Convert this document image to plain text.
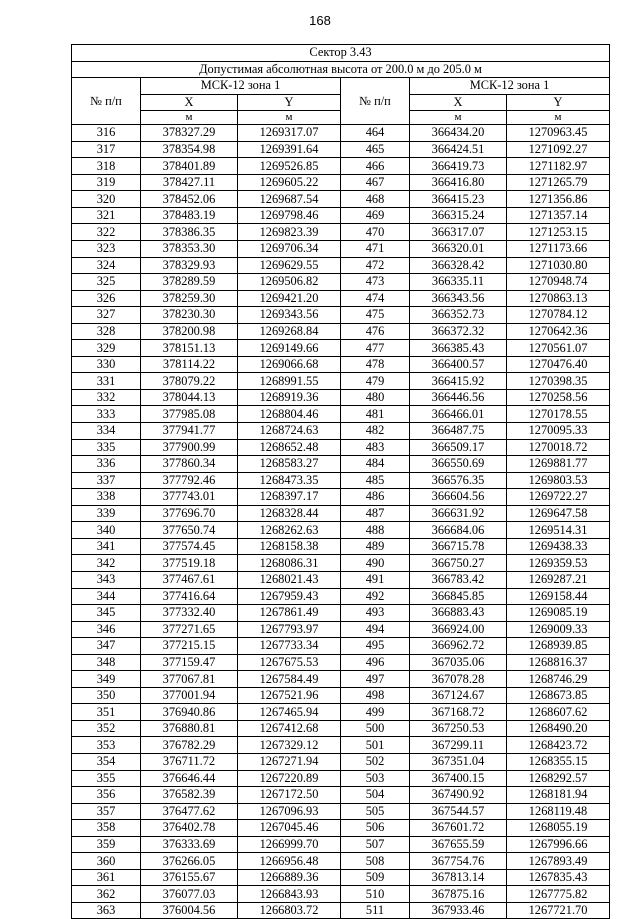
168
Сектор 3.43					
Допустимая абсолютная высота от 200.0 м до 205.0 м					
№ п/п	МСК-12 зона 1		№ п/п	МСК-12 зона 1	
	X	Y		X	Y
	м	м		м	м
316	378327.29	1269317.07	464	366434.20	1270963.45
317	378354.98	1269391.64	465	366424.51	1271092.27
318	378401.89	1269526.85	466	366419.73	1271182.97
319	378427.11	1269605.22	467	366416.80	1271265.79
320	378452.06	1269687.54	468	366415.23	1271356.86
321	378483.19	1269798.46	469	366315.24	1271357.14
322	378386.35	1269823.39	470	366317.07	1271253.15
323	378353.30	1269706.34	471	366320.01	1271173.66
324	378329.93	1269629.55	472	366328.42	1271030.80
325	378289.59	1269506.82	473	366335.11	1270948.74
326	378259.30	1269421.20	474	366343.56	1270863.13
327	378230.30	1269343.56	475	366352.73	1270784.12
328	378200.98	1269268.84	476	366372.32	1270642.36
329	378151.13	1269149.66	477	366385.43	1270561.07
330	378114.22	1269066.68	478	366400.57	1270476.40
331	378079.22	1268991.55	479	366415.92	1270398.35
332	378044.13	1268919.36	480	366446.56	1270258.56
333	377985.08	1268804.46	481	366466.01	1270178.55
334	377941.77	1268724.63	482	366487.75	1270095.33
335	377900.99	1268652.48	483	366509.17	1270018.72
336	377860.34	1268583.27	484	366550.69	1269881.77
337	377792.46	1268473.35	485	366576.35	1269803.53
338	377743.01	1268397.17	486	366604.56	1269722.27
339	377696.70	1268328.44	487	366631.92	1269647.58
340	377650.74	1268262.63	488	366684.06	1269514.31
341	377574.45	1268158.38	489	366715.78	1269438.33
342	377519.18	1268086.31	490	366750.27	1269359.53
343	377467.61	1268021.43	491	366783.42	1269287.21
344	377416.64	1267959.43	492	366845.85	1269158.44
345	377332.40	1267861.49	493	366883.43	1269085.19
346	377271.65	1267793.97	494	366924.00	1269009.33
347	377215.15	1267733.34	495	366962.72	1268939.85
348	377159.47	1267675.53	496	367035.06	1268816.37
349	377067.81	1267584.49	497	367078.28	1268746.29
350	377001.94	1267521.96	498	367124.67	1268673.85
351	376940.86	1267465.94	499	367168.72	1268607.62
352	376880.81	1267412.68	500	367250.53	1268490.20
353	376782.29	1267329.12	501	367299.11	1268423.72
354	376711.72	1267271.94	502	367351.04	1268355.15
355	376646.44	1267220.89	503	367400.15	1268292.57
356	376582.39	1267172.50	504	367490.92	1268181.94
357	376477.62	1267096.93	505	367544.57	1268119.48
358	376402.78	1267045.46	506	367601.72	1268055.19
359	376333.69	1266999.70	507	367655.59	1267996.66
360	376266.05	1266956.48	508	367754.76	1267893.49
361	376155.67	1266889.36	509	367813.14	1267835.43
362	376077.03	1266843.93	510	367875.16	1267775.82
363	376004.56	1266803.72	511	367933.46	1267721.70
